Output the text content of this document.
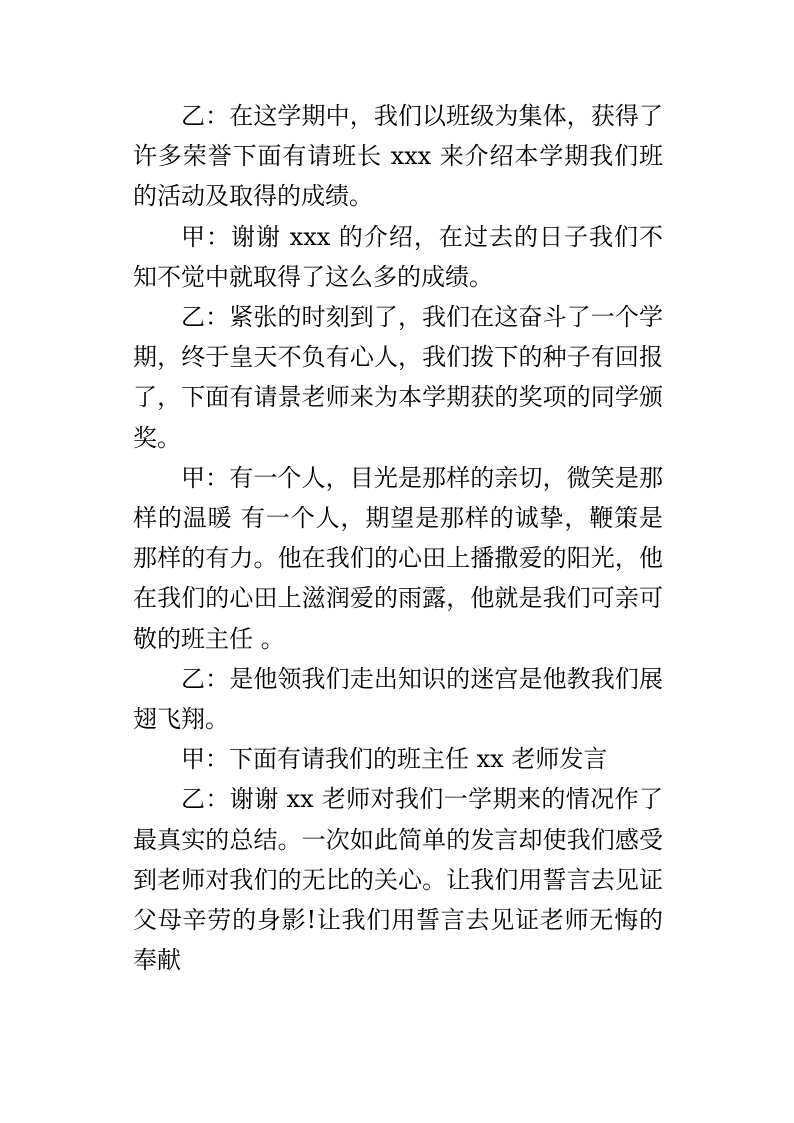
乙：在这学期中，我们以班级为集体，获得了许多荣誉下面有请班长 xxx 来介绍本学期我们班的活动及取得的成绩。

甲：谢谢 xxx 的介绍，在过去的日子我们不知不觉中就取得了这么多的成绩。

乙：紧张的时刻到了，我们在这奋斗了一个学期，终于皇天不负有心人，我们拨下的种子有回报了，下面有请景老师来为本学期获的奖项的同学颁奖。

甲：有一个人，目光是那样的亲切，微笑是那样的温暖 有一个人，期望是那样的诚挚，鞭策是那样的有力。他在我们的心田上播撒爱的阳光，他在我们的心田上滋润爱的雨露，他就是我们可亲可敬的班主任 。

乙：是他领我们走出知识的迷宫是他教我们展翅飞翔。

甲：下面有请我们的班主任 xx 老师发言

乙：谢谢 xx 老师对我们一学期来的情况作了最真实的总结。一次如此简单的发言却使我们感受到老师对我们的无比的关心。让我们用誓言去见证父母辛劳的身影!让我们用誓言去见证老师无悔的奉献
